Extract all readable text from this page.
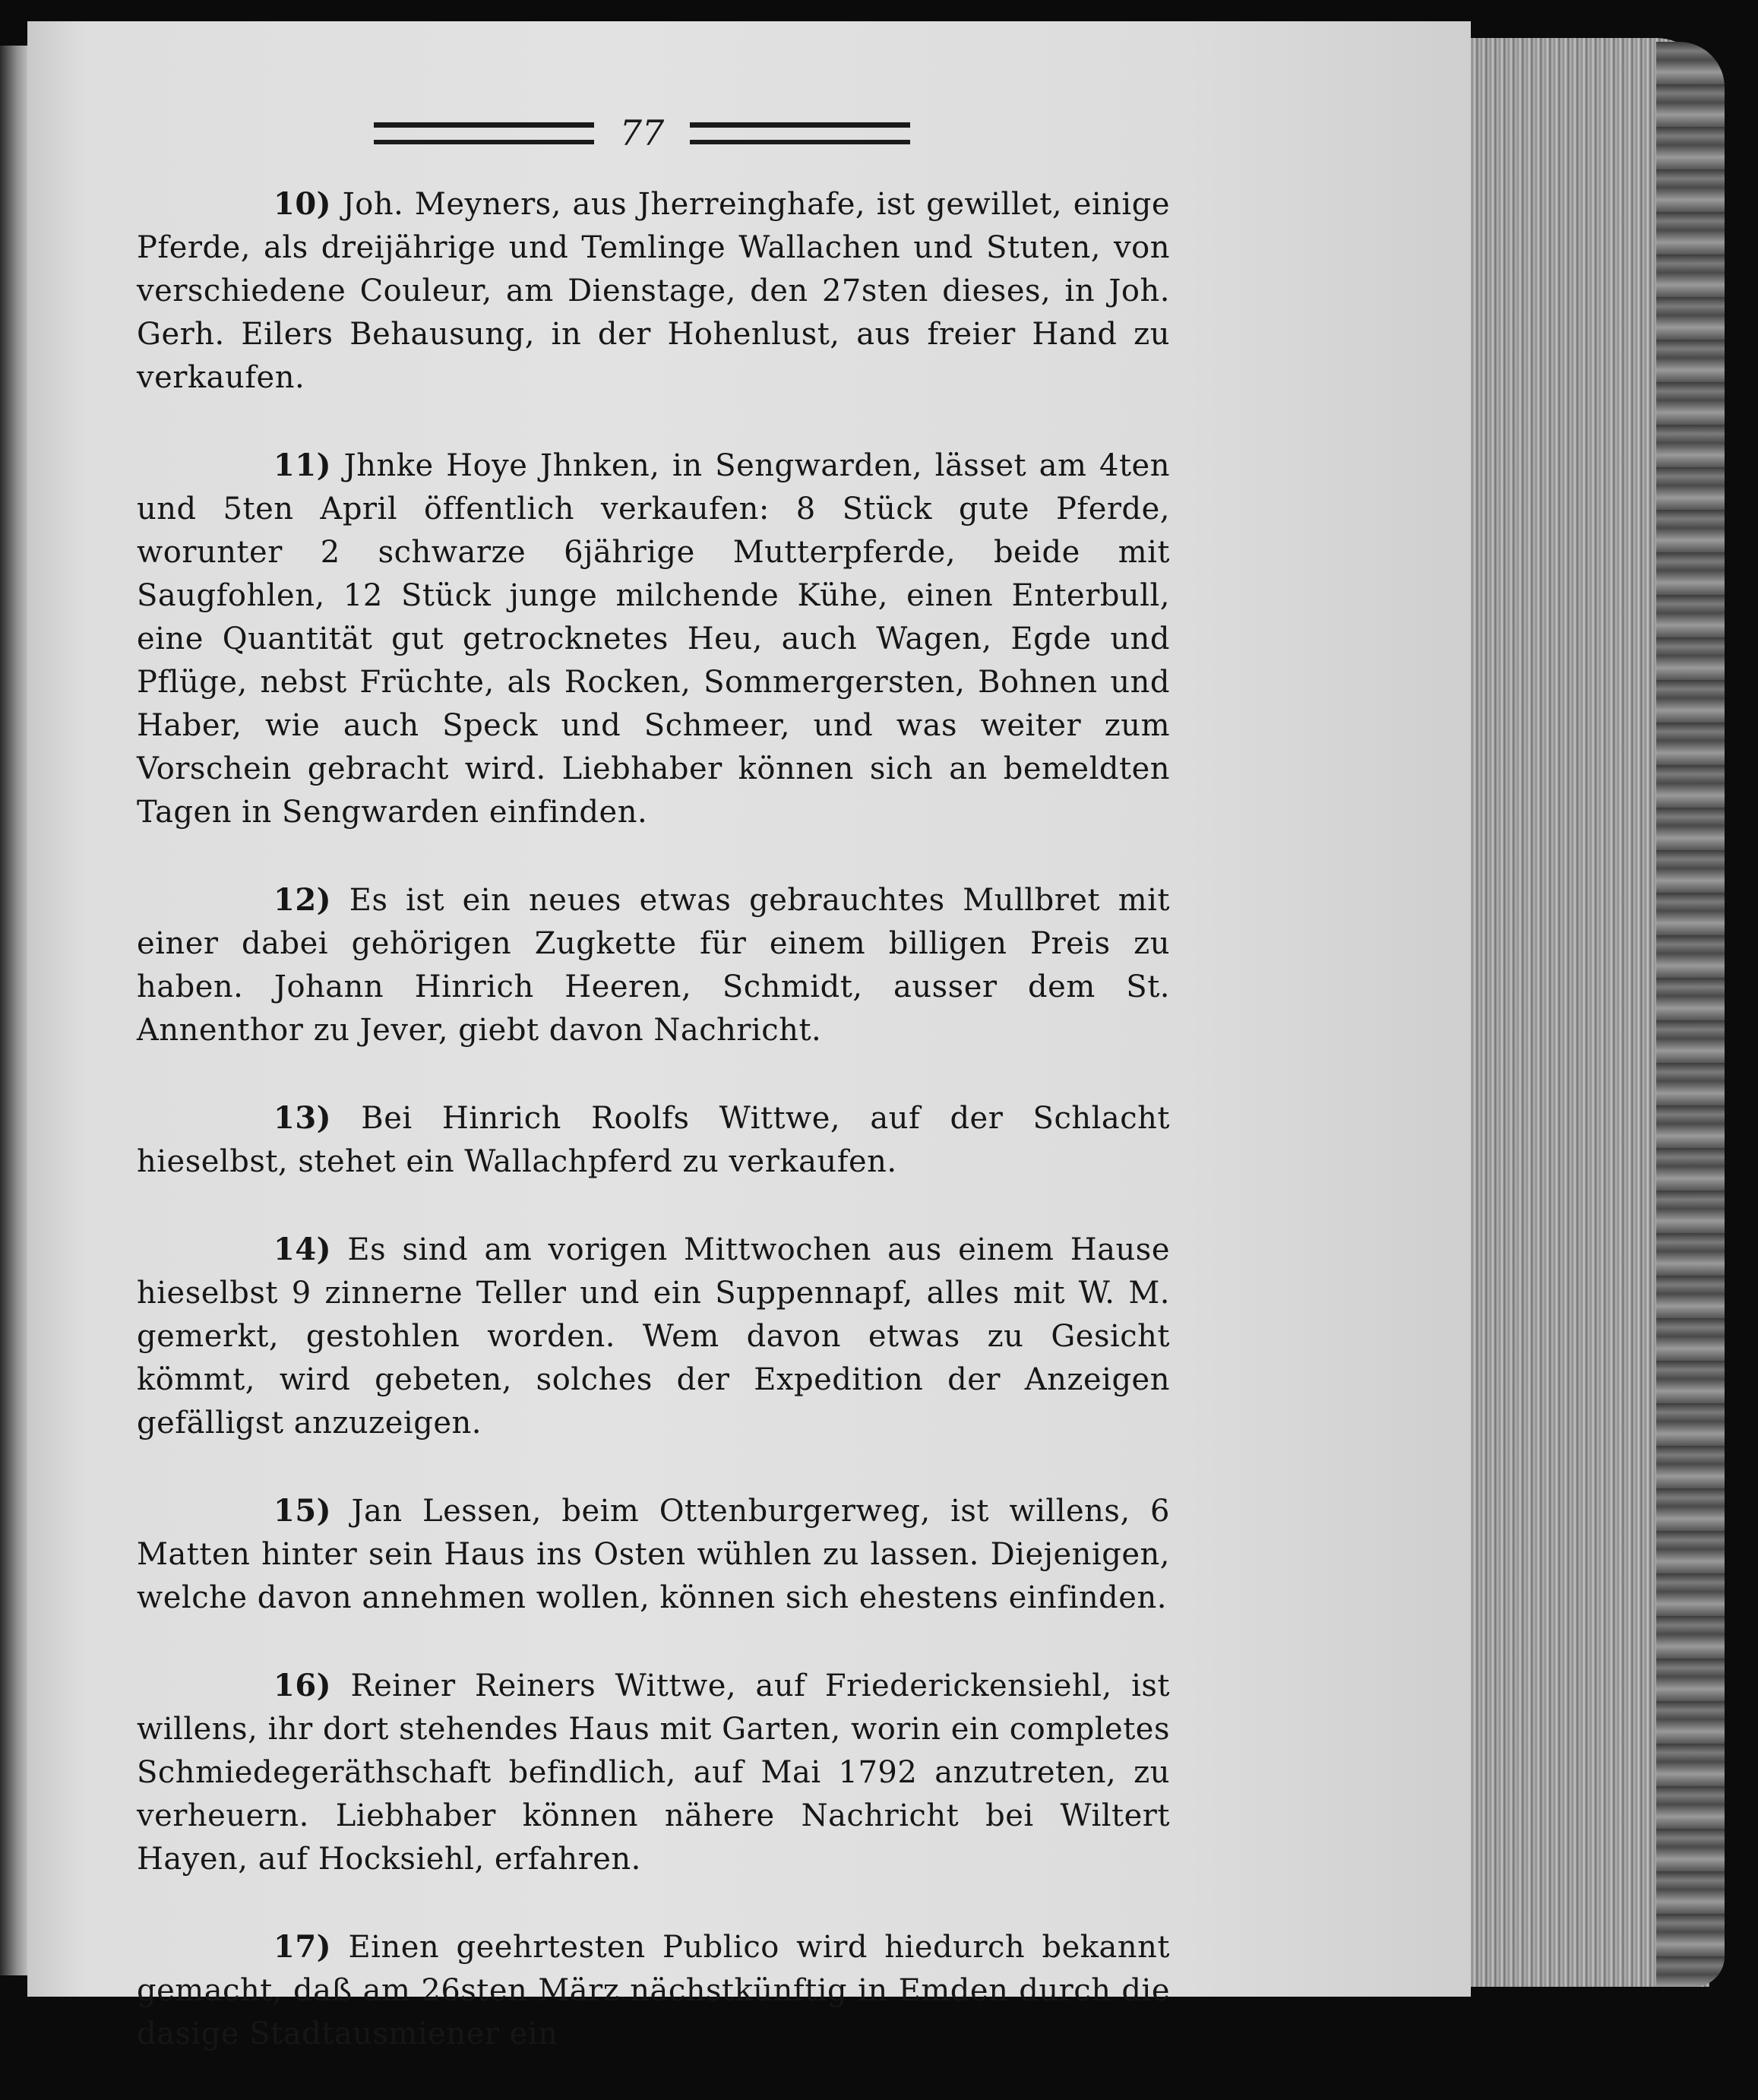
77

10) Joh. Meyners, aus Jherreinghafe, ist gewillet, einige Pferde, als dreijährige und Temlinge Wallachen und Stuten, von verschiedene Couleur, am Dienstage, den 27sten dieses, in Joh. Gerh. Eilers Behausung, in der Hohenlust, aus freier Hand zu verkaufen.

11) Jhnke Hoye Jhnken, in Sengwarden, lässet am 4ten und 5ten April öffentlich verkaufen: 8 Stück gute Pferde, worunter 2 schwarze 6jährige Mutterpferde, beide mit Saugfohlen, 12 Stück junge milchende Kühe, einen Enterbull, eine Quantität gut getrocknetes Heu, auch Wagen, Egde und Pflüge, nebst Früchte, als Rocken, Sommergersten, Bohnen und Haber, wie auch Speck und Schmeer, und was weiter zum Vorschein gebracht wird. Liebhaber können sich an bemeldten Tagen in Sengwarden einfinden.

12) Es ist ein neues etwas gebrauchtes Mullbret mit einer dabei gehörigen Zugkette für einem billigen Preis zu haben. Johann Hinrich Heeren, Schmidt, ausser dem St. Annenthor zu Jever, giebt davon Nachricht.

13) Bei Hinrich Roolfs Wittwe, auf der Schlacht hieselbst, stehet ein Wallachpferd zu verkaufen.

14) Es sind am vorigen Mittwochen aus einem Hause hieselbst 9 zinnerne Teller und ein Suppennapf, alles mit W. M. gemerkt, gestohlen worden. Wem davon etwas zu Gesicht kömmt, wird gebeten, solches der Expedition der Anzeigen gefälligst anzuzeigen.

15) Jan Lessen, beim Ottenburgerweg, ist willens, 6 Matten hinter sein Haus ins Osten wühlen zu lassen. Diejenigen, welche davon annehmen wollen, können sich ehestens einfinden.

16) Reiner Reiners Wittwe, auf Friederickensiehl, ist willens, ihr dort stehendes Haus mit Garten, worin ein completes Schmiedegeräthschaft befindlich, auf Mai 1792 anzutreten, zu verheuern. Liebhaber können nähere Nachricht bei Wiltert Hayen, auf Hocksiehl, erfahren.

17) Einen geehrtesten Publico wird hiedurch bekannt gemacht, daß am 26sten März nächstkünftig in Emden durch die dasige Stadtausmiener ein
